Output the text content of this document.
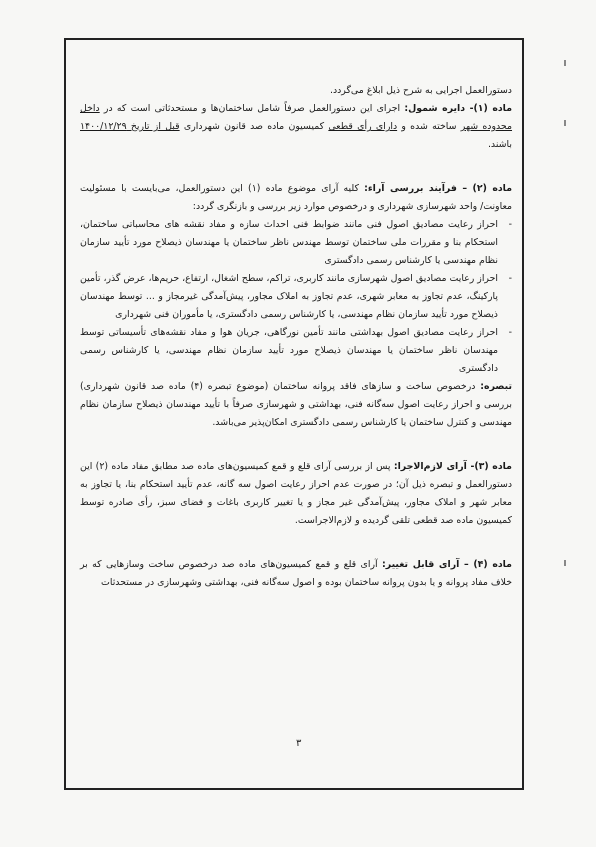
دستورالعمل اجرایی به شرح ذیل ابلاغ می‌گردد.

ماده (۱)- دایره شمول: اجرای این دستورالعمل صرفاً شامل ساختمان‌ها و مستحدثاتی است که در داخل محدوده شهر ساخته شده و دارای رأی قطعی کمیسیون ماده صد قانون شهرداری قبل از تاریخ ۱۴۰۰/۱۲/۲۹ باشند.

ماده (۲) – فرآیند بررسی آراء: کلیه آرای موضوع ماده (۱) این دستورالعمل، می‌بایست با مسئولیت معاونت/ واحد شهرسازی شهرداری و درخصوص موارد زیر بررسی و بازنگری گردد:

-
احراز رعایت مصادیق اصول فنی مانند ضوابط فنی احداث سازه و مفاد نقشه های محاسباتی ساختمان، استحکام بنا و مقررات ملی ساختمان توسط مهندس ناظر ساختمان یا مهندسان ذیصلاح مورد تأیید سازمان نظام مهندسی یا کارشناس رسمی دادگستری

-
احراز رعایت مصادیق اصول شهرسازی مانند کاربری، تراکم، سطح اشغال، ارتفاع، حریم‌ها، عرض گذر، تأمین پارکینگ، عدم تجاوز به معابر شهری، عدم تجاوز به املاک مجاور، پیش‌آمدگی غیرمجاز و ... توسط مهندسان ذیصلاح مورد تأیید سازمان نظام مهندسی، یا کارشناس رسمی دادگستری، یا مأموران فنی شهرداری

-
احراز رعایت مصادیق اصول بهداشتی مانند تأمین نورگاهی، جریان هوا و مفاد نقشه‌های تأسیساتی توسط مهندسان ناظر ساختمان یا مهندسان ذیصلاح مورد تأیید سازمان نظام مهندسی، یا کارشناس رسمی دادگستری

تبصره: درخصوص ساخت و سازهای فاقد پروانه ساختمان (موضوع تبصره (۴) ماده صد قانون شهرداری) بررسی و احراز رعایت اصول سه‌گانه فنی، بهداشتی و شهرسازی صرفاً با تأیید مهندسان ذیصلاح سازمان نظام مهندسی و کنترل ساختمان یا کارشناس رسمی دادگستری امکان‌پذیر می‌باشد.

ماده (۳)- آرای لازم‌الاجرا: پس از بررسی آرای قلع و قمع کمیسیون‌های ماده صد مطابق مفاد ماده (۲) این دستورالعمل و تبصره ذیل آن؛ در صورت عدم احراز رعایت اصول سه گانه، عدم تأیید استحکام بنا، یا تجاوز به معابر شهر و املاک مجاور، پیش‌آمدگی غیر مجاز و یا تغییر کاربری باغات و فضای سبز، رأی صادره توسط کمیسیون ماده صد قطعی تلقی گردیده و لازم‌الاجراست.

ماده (۴) – آرای قابل تغییر: آرای قلع و قمع کمیسیون‌های ماده صد درخصوص ساخت وسازهایی که بر خلاف مفاد پروانه و یا بدون پروانه ساختمان بوده و اصول سه‌گانه فنی، بهداشتی وشهرسازی در مستحدثات

۳
